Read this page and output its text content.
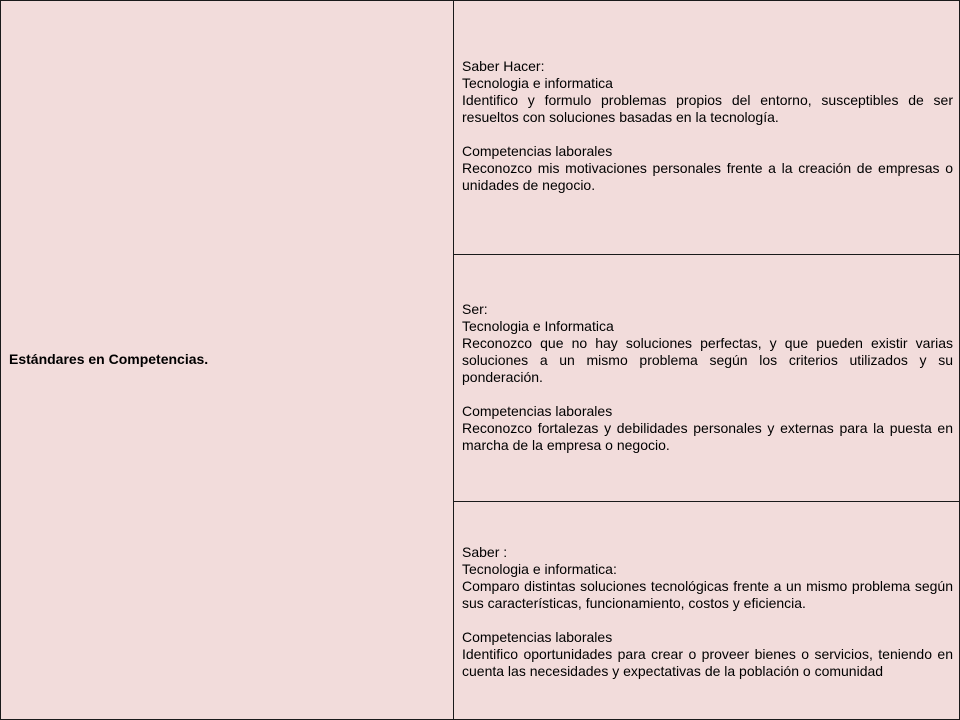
Estándares en Competencias.
Saber Hacer:
Tecnologia e informatica
Identifico y formulo problemas propios del entorno, susceptibles de ser resueltos con soluciones basadas en la tecnología.
Competencias laborales
Reconozco mis motivaciones personales frente a la creación de empresas o unidades de negocio.
Ser:
Tecnologia e Informatica
Reconozco que no hay soluciones perfectas, y que pueden existir varias soluciones a un mismo problema según los criterios utilizados y su ponderación.
Competencias laborales
Reconozco fortalezas y debilidades personales y externas para la puesta en marcha de la empresa o negocio.
Saber :
Tecnologia e informatica:
Comparo distintas soluciones tecnológicas frente a un mismo problema según sus características, funcionamiento, costos y eficiencia.
Competencias laborales
Identifico oportunidades para crear o proveer bienes o servicios, teniendo en cuenta las necesidades y expectativas de la población o comunidad
